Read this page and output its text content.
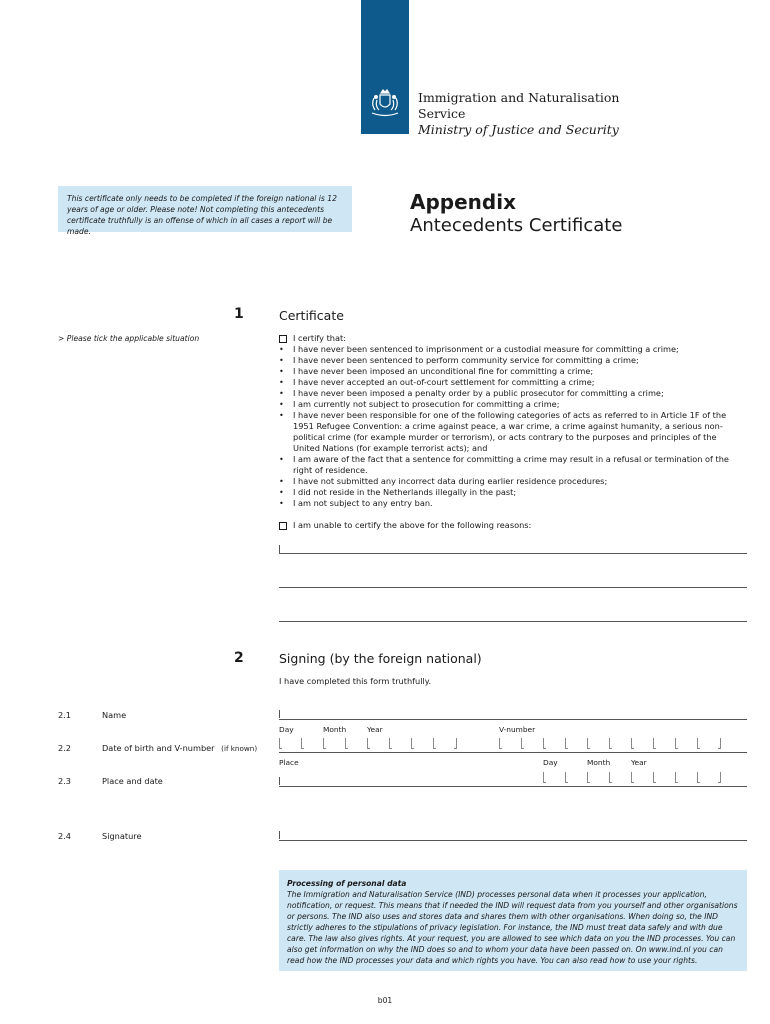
Immigration and Naturalisation
Service
Ministry of Justice and Security
This certificate only needs to be completed if the foreign national is 12 years of age or older. Please note! Not completing this antecedents certificate truthfully is an offense of which in all cases a report will be made.
Appendix
Antecedents Certificate
1	Certificate
> Please tick the applicable situation	I certify that:
• I have never been sentenced to imprisonment or a custodial measure for committing a crime;
• I have never been sentenced to perform community service for committing a crime;
• I have never been imposed an unconditional fine for committing a crime;
• I have never accepted an out-of-court settlement for committing a crime;
• I have never been imposed a penalty order by a public prosecutor for committing a crime;
• I am currently not subject to prosecution for committing a crime;
• I have never been responsible for one of the following categories of acts as referred to in Article 1F of the 1951 Refugee Convention: a crime against peace, a war crime, a crime against humanity, a serious non-political crime (for example murder or terrorism), or acts contrary to the purposes and principles of the United Nations (for example terrorist acts); and
• I am aware of the fact that a sentence for committing a crime may result in a refusal or termination of the right of residence.
• I have not submitted any incorrect data during earlier residence procedures;
• I did not reside in the Netherlands illegally in the past;
• I am not subject to any entry ban.
I am unable to certify the above for the following reasons:
2	Signing (by the foreign national)
I have completed this form truthfully.
2.1	Name
Day	Month	Year	V-number
2.2	Date of birth and V-number (if known)
Place	Day	Month	Year
2.3	Place and date
2.4	Signature
Processing of personal data
The Immigration and Naturalisation Service (IND) processes personal data when it processes your application, notification, or request. This means that if needed the IND will request data from you yourself and other organisations or persons. The IND also uses and stores data and shares them with other organisations. When doing so, the IND strictly adheres to the stipulations of privacy legislation. For instance, the IND must treat data safely and with due care. The law also gives rights. At your request, you are allowed to see which data on you the IND processes. You can also get information on why the IND does so and to whom your data have been passed on. On www.ind.nl you can read how the IND processes your data and which rights you have. You can also read how to use your rights.
b01
